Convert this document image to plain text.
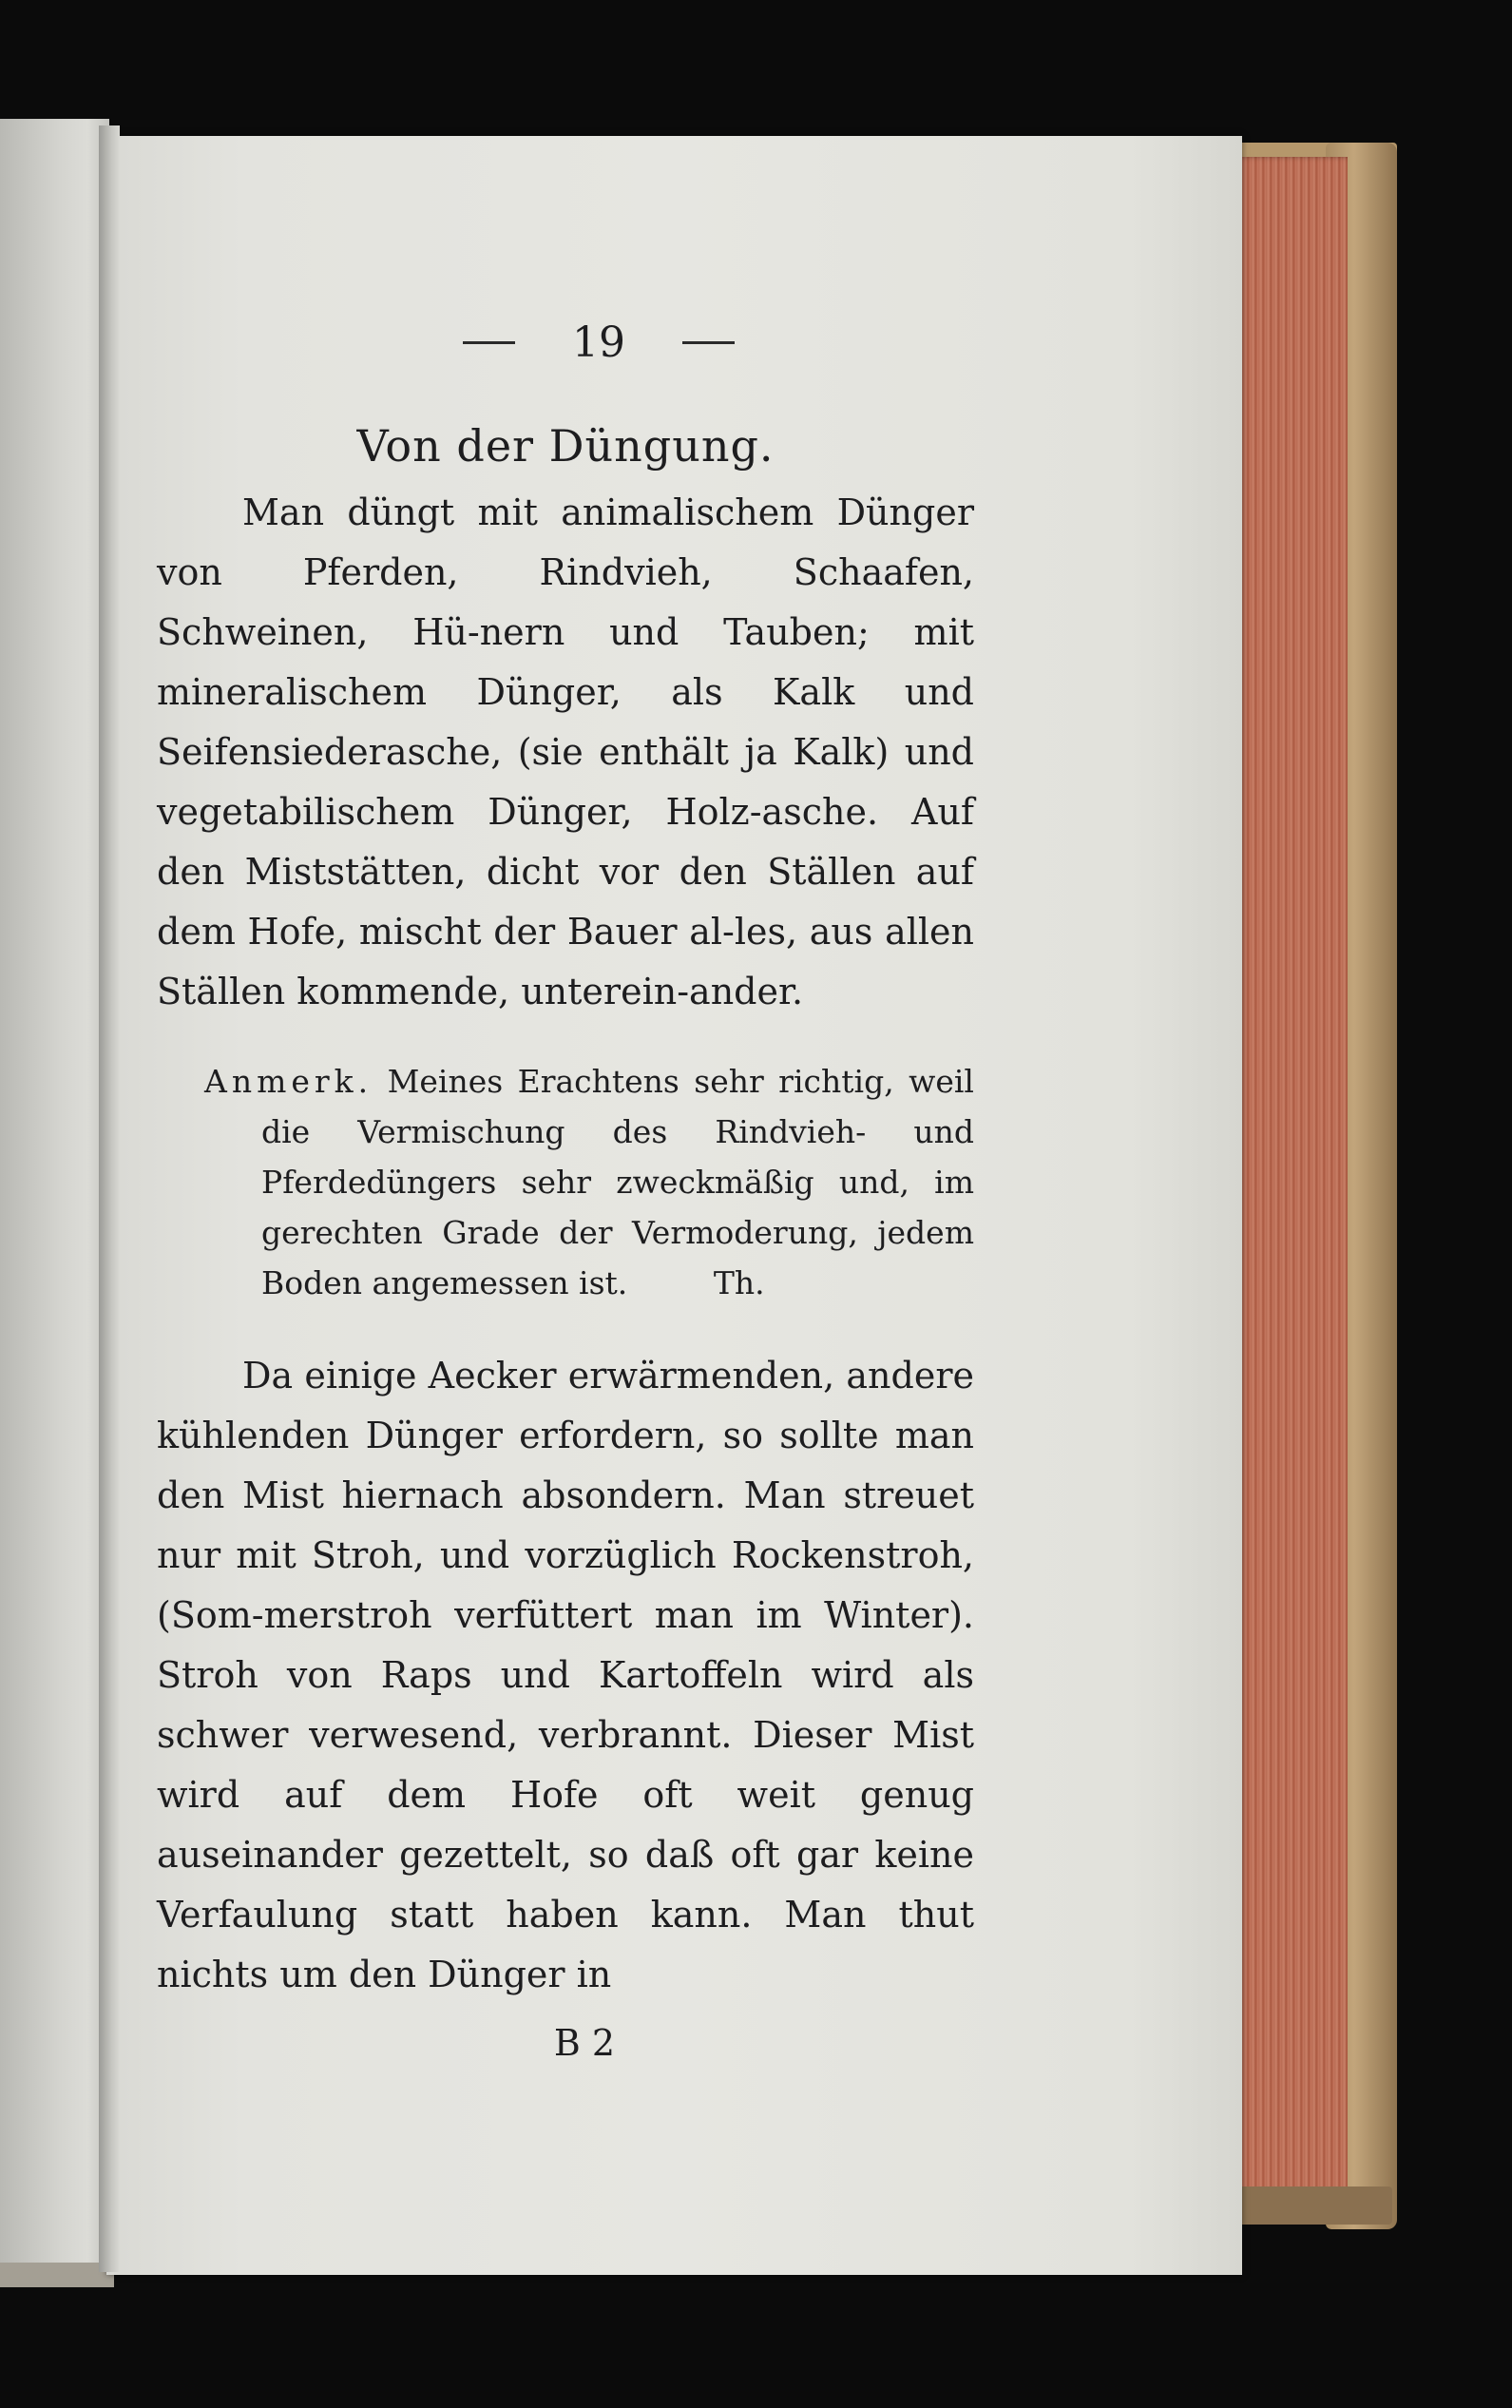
19
Von der Düngung.

Man düngt mit animalischem Dünger von Pferden, Rindvieh, Schaafen, Schweinen, Hü-nern und Tauben; mit mineralischem Dünger, als Kalk und Seifensiederasche, (sie enthält ja Kalk) und vegetabilischem Dünger, Holz-asche. Auf den Miststätten, dicht vor den Ställen auf dem Hofe, mischt der Bauer al-les, aus allen Ställen kommende, unterein-ander.

Anmerk. Meines Erachtens sehr richtig, weil die Vermischung des Rindvieh- und Pferdedüngers sehr zweckmäßig und, im gerechten Grade der Vermoderung, jedem Boden angemessen ist.	Th.

Da einige Aecker erwärmenden, andere kühlenden Dünger erfordern, so sollte man den Mist hiernach absondern. Man streuet nur mit Stroh, und vorzüglich Rockenstroh, (Som-merstroh verfüttert man im Winter). Stroh von Raps und Kartoffeln wird als schwer verwesend, verbrannt. Dieser Mist wird auf dem Hofe oft weit genug auseinander gezettelt, so daß oft gar keine Verfaulung statt haben kann. Man thut nichts um den Dünger in

B 2
